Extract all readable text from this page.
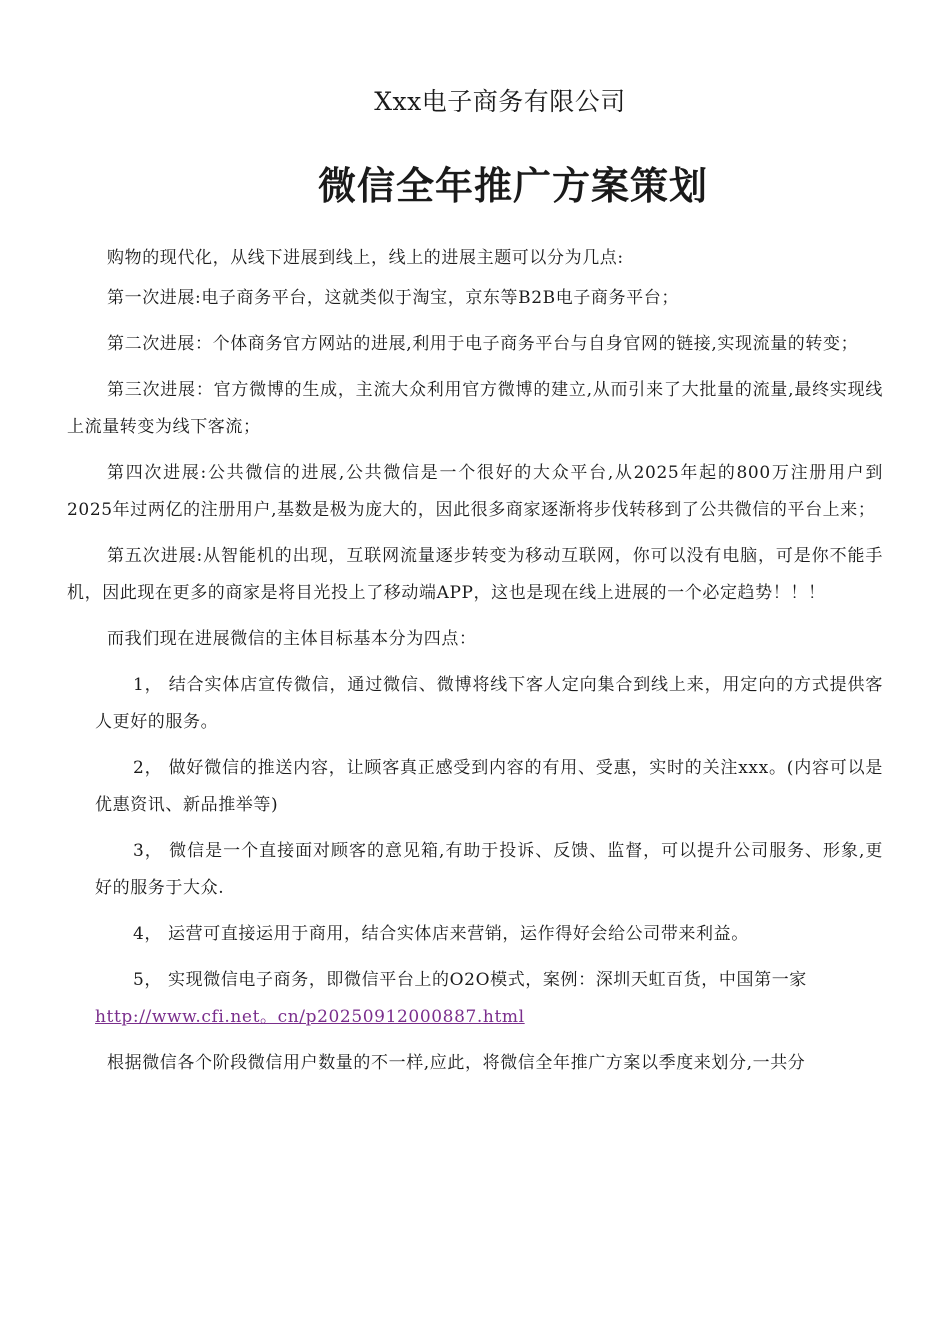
Xxx电子商务有限公司
微信全年推广方案策划

购物的现代化，从线下进展到线上，线上的进展主题可以分为几点:

第一次进展:电子商务平台，这就类似于淘宝，京东等B2B电子商务平台；

第二次进展：个体商务官方网站的进展,利用于电子商务平台与自身官网的链接,实现流量的转变；

第三次进展：官方微博的生成，主流大众利用官方微博的建立,从而引来了大批量的流量,最终实现线上流量转变为线下客流；

第四次进展:公共微信的进展,公共微信是一个很好的大众平台,从2025年起的800万注册用户到2025年过两亿的注册用户,基数是极为庞大的，因此很多商家逐渐将步伐转移到了公共微信的平台上来；

第五次进展:从智能机的出现，互联网流量逐步转变为移动互联网，你可以没有电脑，可是你不能手机，因此现在更多的商家是将目光投上了移动端APP，这也是现在线上进展的一个必定趋势！！！

而我们现在进展微信的主体目标基本分为四点：

1， 结合实体店宣传微信，通过微信、微博将线下客人定向集合到线上来，用定向的方式提供客人更好的服务。

2， 做好微信的推送内容，让顾客真正感受到内容的有用、受惠，实时的关注xxx。(内容可以是优惠资讯、新品推举等)

3， 微信是一个直接面对顾客的意见箱,有助于投诉、反馈、监督，可以提升公司服务、形象,更好的服务于大众.

4， 运营可直接运用于商用，结合实体店来营销，运作得好会给公司带来利益。

5， 实现微信电子商务，即微信平台上的O2O模式，案例：深圳天虹百货，中国第一家
http://www.cfi.net。cn/p20250912000887.html

根据微信各个阶段微信用户数量的不一样,应此，将微信全年推广方案以季度来划分,一共分
